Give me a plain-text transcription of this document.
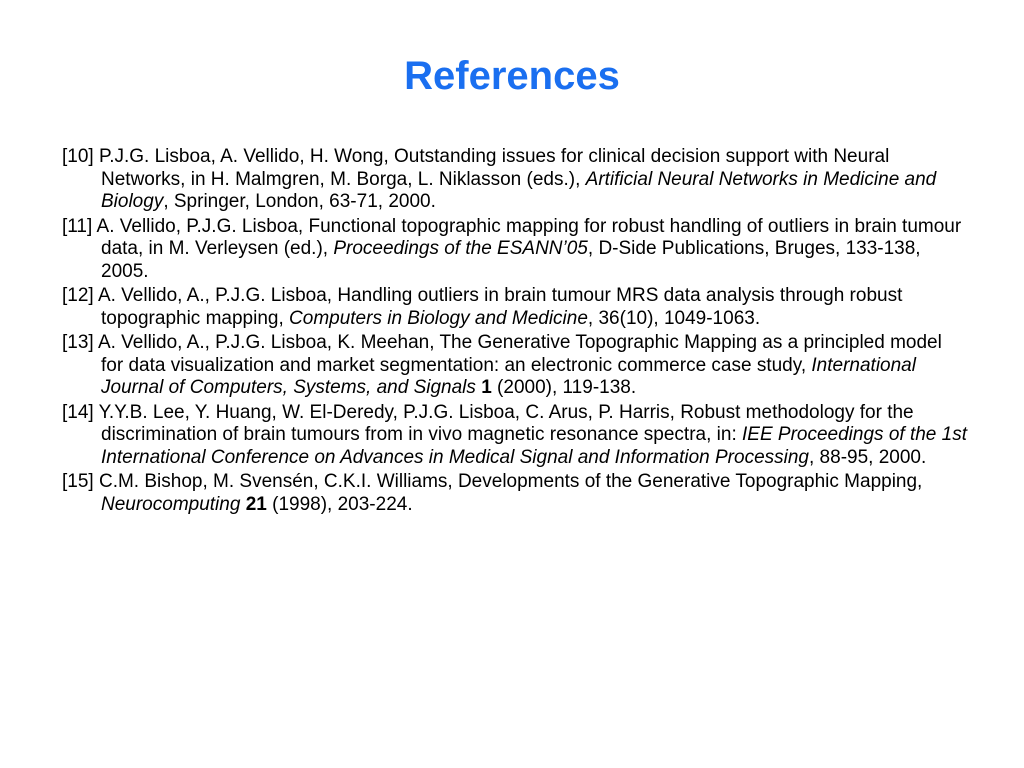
References
[10] P.J.G. Lisboa, A. Vellido, H. Wong, Outstanding issues for clinical decision support with Neural Networks, in H. Malmgren, M. Borga, L. Niklasson (eds.), Artificial Neural Networks in Medicine and Biology, Springer, London, 63-71, 2000.
[11] A. Vellido, P.J.G. Lisboa, Functional topographic mapping for robust handling of outliers in brain tumour data, in M. Verleysen (ed.), Proceedings of the ESANN’05, D-Side Publications, Bruges, 133-138, 2005.
[12] A. Vellido, A., P.J.G. Lisboa, Handling outliers in brain tumour MRS data analysis through robust topographic mapping, Computers in Biology and Medicine, 36(10), 1049-1063.
[13] A. Vellido, A., P.J.G. Lisboa, K. Meehan, The Generative Topographic Mapping as a principled model for data visualization and market segmentation: an electronic commerce case study, International Journal of Computers, Systems, and Signals 1 (2000), 119-138.
[14] Y.Y.B. Lee, Y. Huang, W. El-Deredy, P.J.G. Lisboa, C. Arus, P. Harris, Robust methodology for the discrimination of brain tumours from in vivo magnetic resonance spectra, in: IEE Proceedings of the 1st International Conference on Advances in Medical Signal and Information Processing, 88-95, 2000.
[15] C.M. Bishop, M. Svensén, C.K.I. Williams, Developments of the Generative Topographic Mapping, Neurocomputing 21 (1998), 203-224.
